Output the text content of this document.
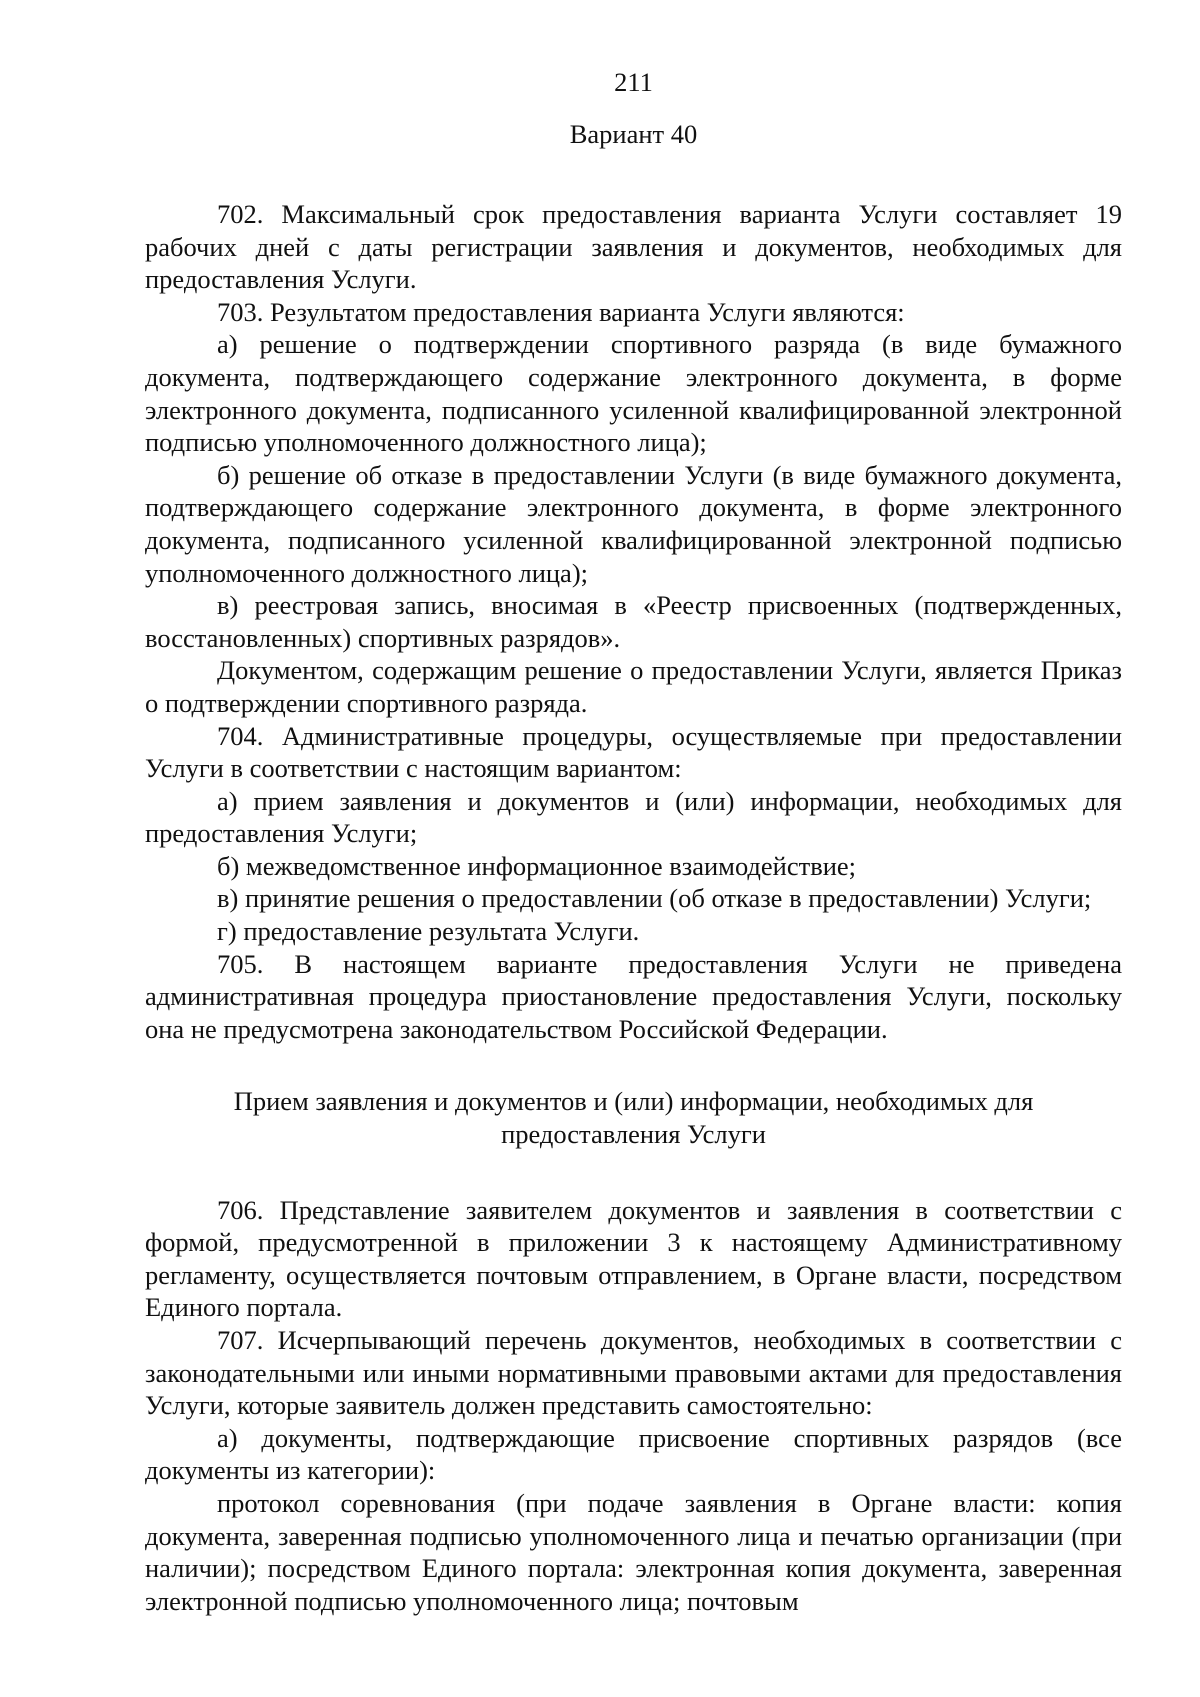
211

Вариант 40

702. Максимальный срок предоставления варианта Услуги составляет 19 рабочих дней с даты регистрации заявления и документов, необходимых для предоставления Услуги.

703. Результатом предоставления варианта Услуги являются:

а) решение о подтверждении спортивного разряда (в виде бумажного документа, подтверждающего содержание электронного документа, в форме электронного документа, подписанного усиленной квалифицированной электронной подписью уполномоченного должностного лица);

б) решение об отказе в предоставлении Услуги (в виде бумажного документа, подтверждающего содержание электронного документа, в форме электронного документа, подписанного усиленной квалифицированной электронной подписью уполномоченного должностного лица);

в) реестровая запись, вносимая в «Реестр присвоенных (подтвержденных, восстановленных) спортивных разрядов».

Документом, содержащим решение о предоставлении Услуги, является Приказ о подтверждении спортивного разряда.

704. Административные процедуры, осуществляемые при предоставлении Услуги в соответствии с настоящим вариантом:

а) прием заявления и документов и (или) информации, необходимых для предоставления Услуги;

б) межведомственное информационное взаимодействие;

в) принятие решения о предоставлении (об отказе в предоставлении) Услуги;

г) предоставление результата Услуги.

705. В настоящем варианте предоставления Услуги не приведена административная процедура приостановление предоставления Услуги, поскольку она не предусмотрена законодательством Российской Федерации.

Прием заявления и документов и (или) информации, необходимых для
предоставления Услуги

706. Представление заявителем документов и заявления в соответствии с формой, предусмотренной в приложении 3 к настоящему Административному регламенту, осуществляется почтовым отправлением, в Органе власти, посредством Единого портала.

707. Исчерпывающий перечень документов, необходимых в соответствии с законодательными или иными нормативными правовыми актами для предоставления Услуги, которые заявитель должен представить самостоятельно:

а) документы, подтверждающие присвоение спортивных разрядов (все документы из категории):

протокол соревнования (при подаче заявления в Органе власти: копия документа, заверенная подписью уполномоченного лица и печатью организации (при наличии); посредством Единого портала: электронная копия документа, заверенная электронной подписью уполномоченного лица; почтовым
